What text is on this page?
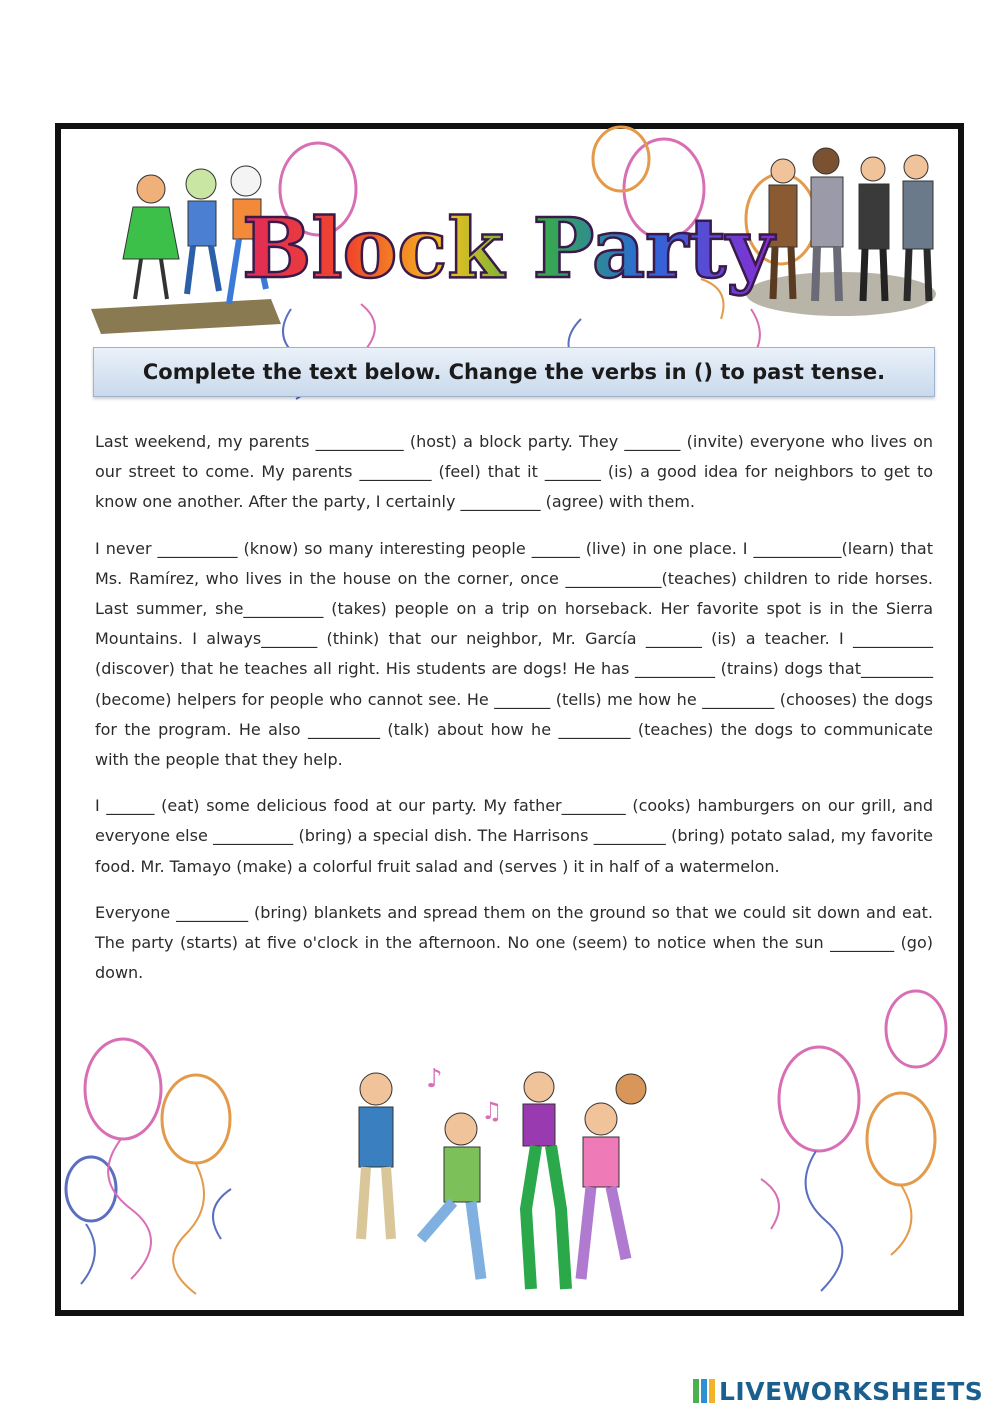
♪
♫
Block Party
Complete the text below. Change the verbs in () to past tense.

Last weekend, my parents ___________ (host) a block party. They _______ (invite) everyone who lives on our street to come. My parents _________ (feel) that it _______ (is) a good idea for neighbors to get to know one another. After the party, I certainly __________ (agree) with them.

I never __________ (know) so many interesting people ______ (live) in one place. I ___________(learn) that Ms. Ramírez, who lives in the house on the corner, once ____________(teaches) children to ride horses. Last summer, she__________ (takes) people on a trip on horseback. Her favorite spot is in the Sierra Mountains. I always_______ (think) that our neighbor, Mr. García _______ (is) a teacher. I __________ (discover) that he teaches all right. His students are dogs! He has __________ (trains) dogs that_________ (become) helpers for people who cannot see. He _______ (tells) me how he _________ (chooses) the dogs for the program. He also _________ (talk) about how he _________ (teaches) the dogs to communicate with the people that they help.

I ______ (eat) some delicious food at our party. My father________ (cooks) hamburgers on our grill, and everyone else __________ (bring) a special dish. The Harrisons _________ (bring) potato salad, my favorite food. Mr. Tamayo (make) a colorful fruit salad and (serves ) it in half of a watermelon.

Everyone _________ (bring) blankets and spread them on the ground so that we could sit down and eat. The party (starts) at five o'clock in the afternoon. No one (seem) to notice when the sun ________ (go) down.

LIVEWORKSHEETS
